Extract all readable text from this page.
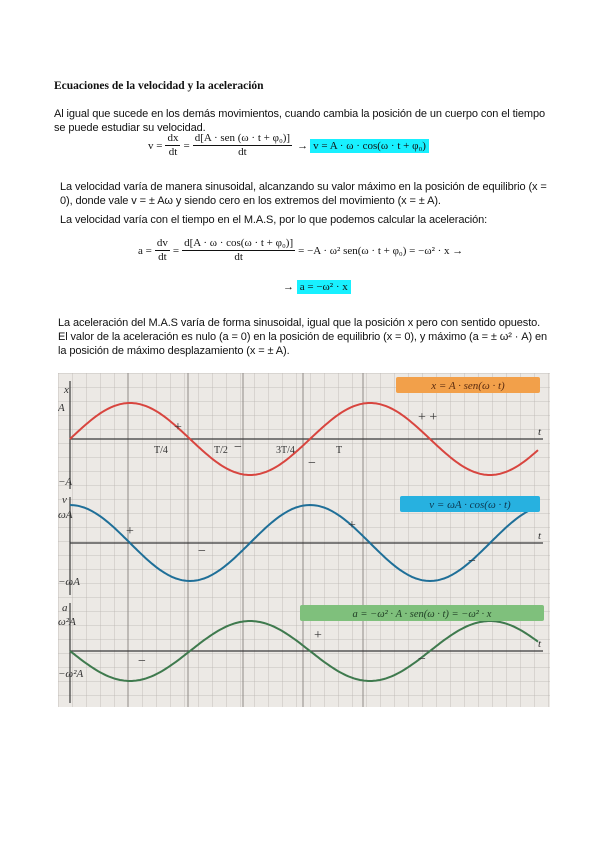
Ecuaciones de la velocidad y la aceleración
Al igual que sucede en los demás movimientos, cuando cambia la posición de un cuerpo con el tiempo se puede estudiar su velocidad.
$v = \frac{dx}{dt} = \frac{\text{d[A · sen (ω · t + φ₀)]}}{dt} \to v = A \cdot \omega \cdot \cos(\omega \cdot t + \varphi_0)$
La velocidad varía de manera sinusoidal, alcanzando su valor máximo en la posición de equilibrio (x = 0), donde vale v = ± Aω y siendo cero en los extremos del movimiento (x = ± A).
La velocidad varía con el tiempo en el M.A.S, por lo que podemos calcular la aceleración:
$a = \frac{dv}{dt} = \frac{\text{d[A · ω · cos(ω · t + φ₀)]}}{dt} = -A \cdot \omega^2$ sen(ω · t + φ₀) = −ω² · x →
→ a = −ω² · x
La aceleración del M.A.S varía de forma sinusoidal, igual que la posición x pero con sentido opuesto.
El valor de la aceleración es nulo (a = 0) en la posición de equilibrio (x = 0), y máximo (a = ± ω² · A) en la posición de máximo desplazamiento (x = ± A).
x = A · sen(ω · t)
x
A
−A
t
T/4	T/2	3T/4	T
+
−
−
+ +
v = ωA · cos(ω · t)
v
ωA
−ωA
t
+
−
+
−
a = −ω² · A · sen(ω · t) = −ω² · x
a
ω²A
−ω²A
t
−
+
−
